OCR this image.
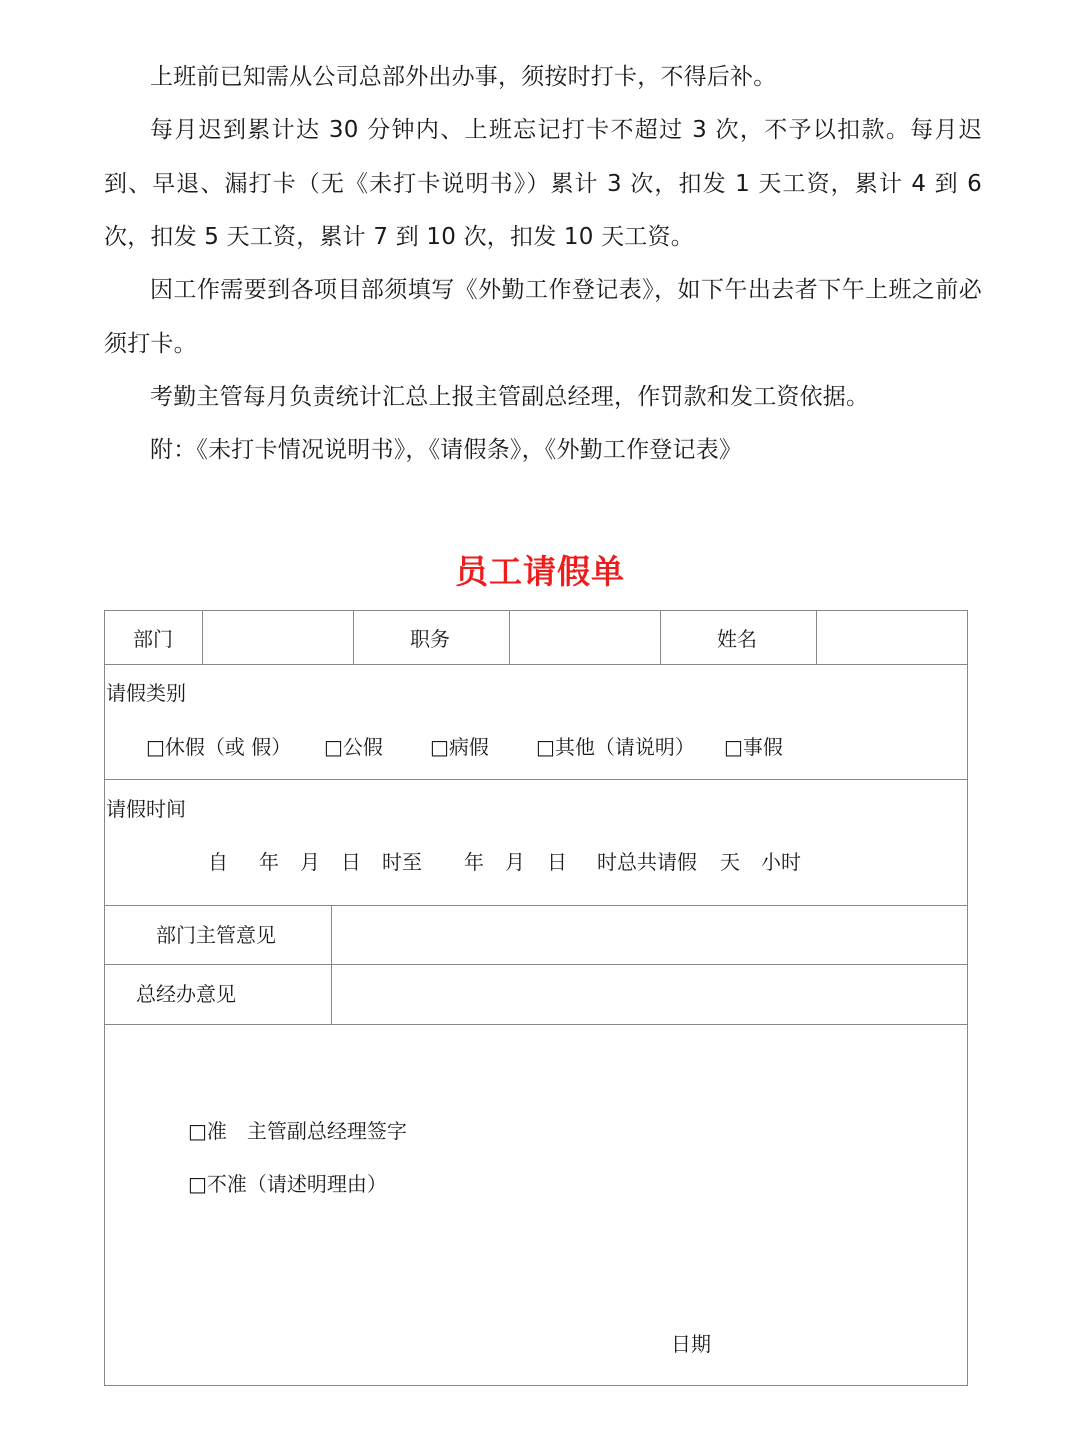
上班前已知需从公司总部外出办事，须按时打卡，不得后补。

每月迟到累计达 30 分钟内、上班忘记打卡不超过 3 次，不予以扣款。每月迟到、早退、漏打卡（无《未打卡说明书》）累计 3 次，扣发 1 天工资，累计 4 到 6 次，扣发 5 天工资，累计 7 到 10 次，扣发 10 天工资。

因工作需要到各项目部须填写《外勤工作登记表》，如下午出去者下午上班之前必须打卡。

考勤主管每月负责统计汇总上报主管副总经理，作罚款和发工资依据。

附：《未打卡情况说明书》，《请假条》，《外勤工作登记表》

员工请假单
部门	职务	姓名
请假类别
□休假（或 假） □公假 □病假 □其他（请说明） □事假
请假时间
自 年 月 日 时至 年 月 日 时总共请假 天 小时
部门主管意见
总经办意见
□准　主管副总经理签字
□不准（请述明理由）
日期
